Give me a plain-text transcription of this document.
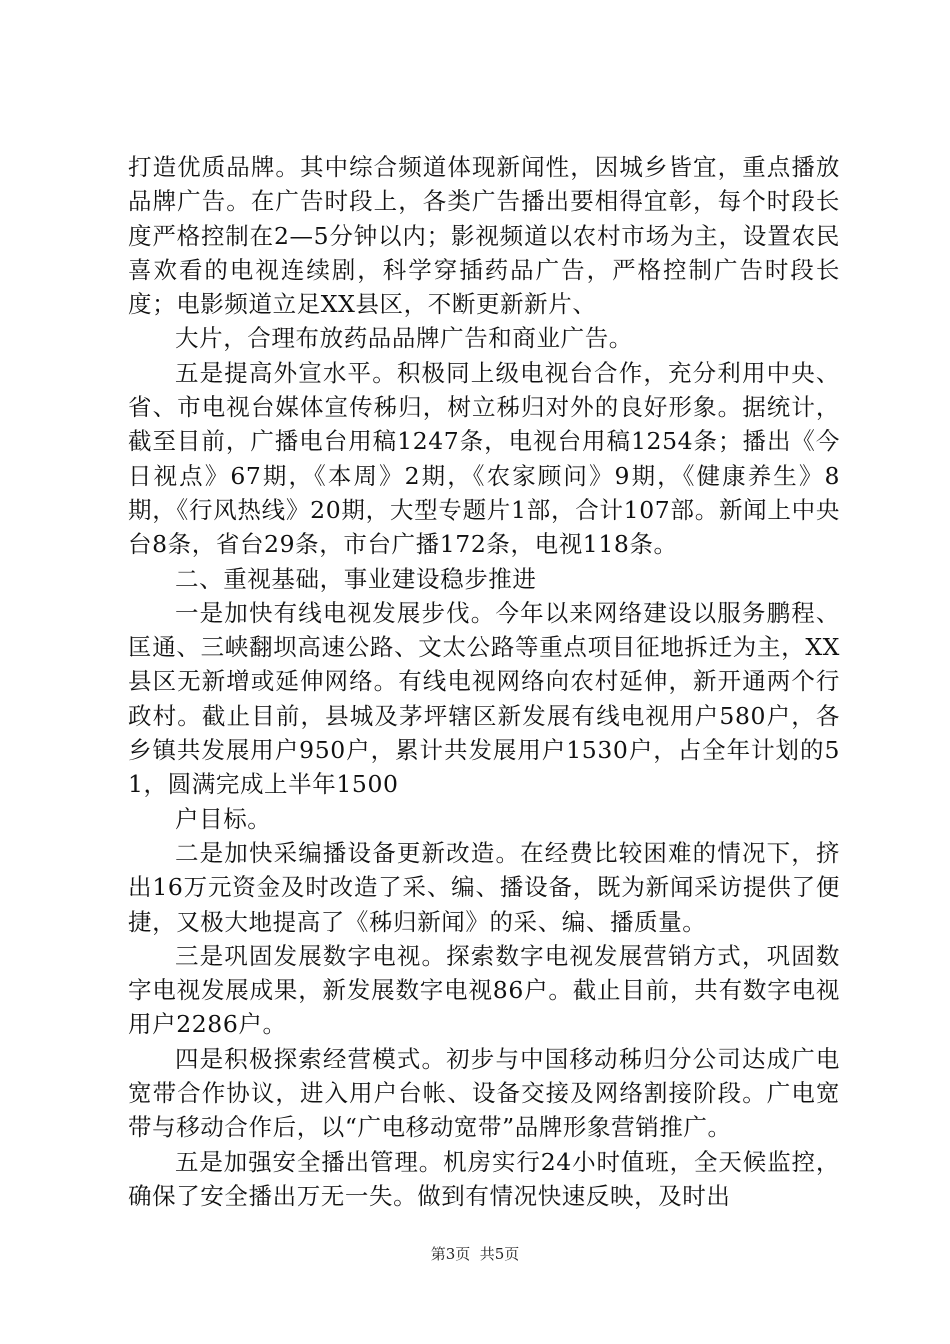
打造优质品牌。其中综合频道体现新闻性，因城乡皆宜，重点播放品牌广告。在广告时段上，各类广告播出要相得宜彰，每个时段长度严格控制在2—5分钟以内；影视频道以农村市场为主，设置农民喜欢看的电视连续剧，科学穿插药品广告，严格控制广告时段长度；电影频道立足XX县区，不断更新新片、

大片，合理布放药品品牌广告和商业广告。

五是提高外宣水平。积极同上级电视台合作，充分利用中央、省、市电视台媒体宣传秭归，树立秭归对外的良好形象。据统计，截至目前，广播电台用稿1247条，电视台用稿1254条；播出《今日视点》67期，《本周》2期，《农家顾问》9期，《健康养生》8期，《行风热线》20期，大型专题片1部，合计107部。新闻上中央台8条，省台29条，市台广播172条，电视118条。

二、重视基础，事业建设稳步推进

一是加快有线电视发展步伐。今年以来网络建设以服务鹏程、匡通、三峡翻坝高速公路、文太公路等重点项目征地拆迁为主，XX县区无新增或延伸网络。有线电视网络向农村延伸，新开通两个行政村。截止目前，县城及茅坪辖区新发展有线电视用户580户，各乡镇共发展用户950户，累计共发展用户1530户，占全年计划的51，圆满完成上半年1500

户目标。

二是加快采编播设备更新改造。在经费比较困难的情况下，挤出16万元资金及时改造了采、编、播设备，既为新闻采访提供了便捷，又极大地提高了《秭归新闻》的采、编、播质量。

三是巩固发展数字电视。探索数字电视发展营销方式，巩固数字电视发展成果，新发展数字电视86户。截止目前，共有数字电视用户2286户。

四是积极探索经营模式。初步与中国移动秭归分公司达成广电宽带合作协议，进入用户台帐、设备交接及网络割接阶段。广电宽带与移动合作后，以“广电移动宽带”品牌形象营销推广。

五是加强安全播出管理。机房实行24小时值班，全天候监控，确保了安全播出万无一失。做到有情况快速反映，及时出

第3页  共5页
